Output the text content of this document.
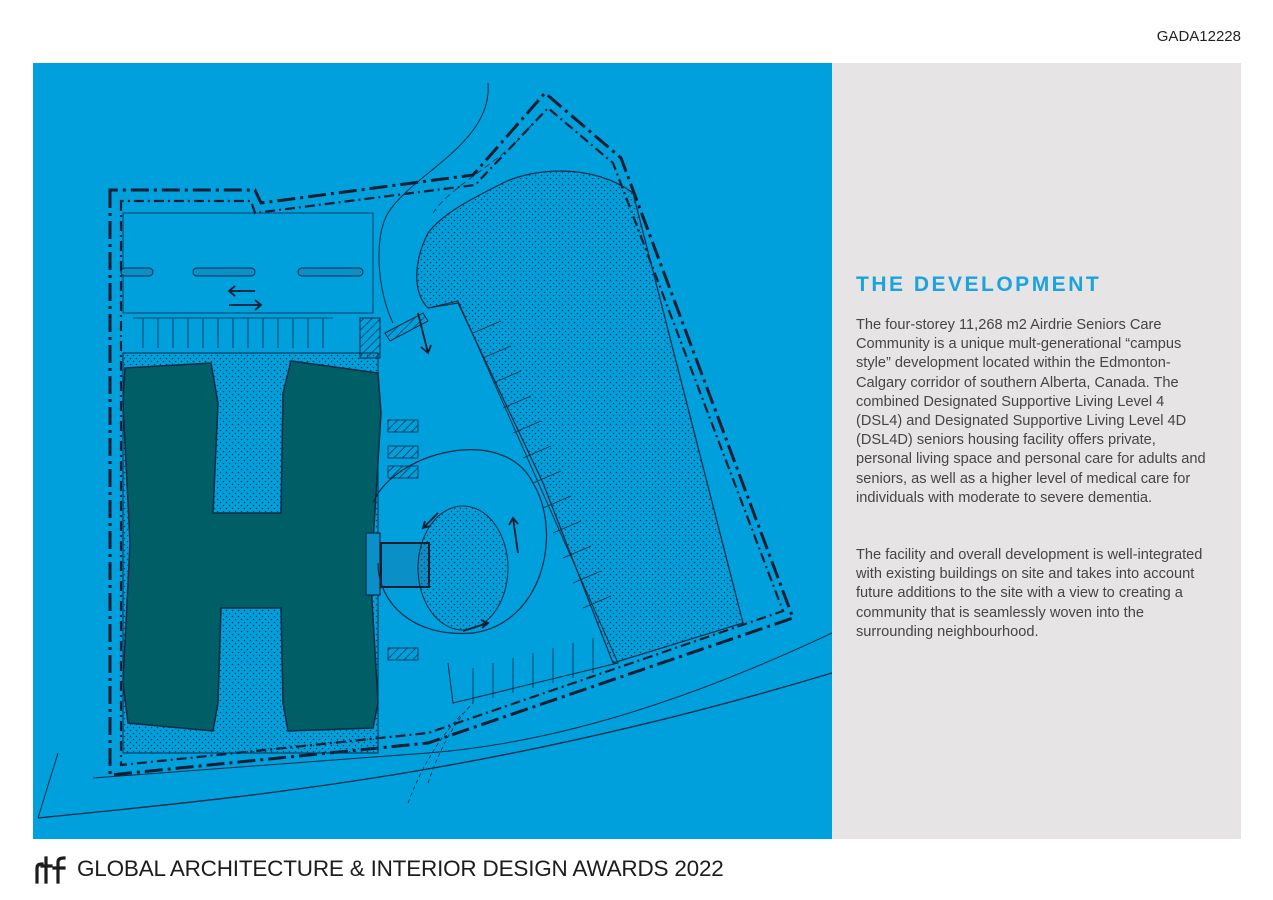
GADA12228
THE DEVELOPMENT

The four-storey 11,268 m2 Airdrie Seniors Care Community is a unique mult-generational “campus style” development located within the Edmonton-Calgary corridor of southern Alberta, Canada. The combined Designated Supportive Living Level 4 (DSL4) and Designated Supportive Living Level 4D (DSL4D) seniors housing facility offers private, personal living space and personal care for adults and seniors, as well as a higher level of medical care for individuals with moderate to severe dementia.

The facility and overall development is well-integrated with existing buildings on site and takes into account future additions to the site with a view to creating a community that is seamlessly woven into the surrounding neighbourhood.

GLOBAL ARCHITECTURE & INTERIOR DESIGN AWARDS 2022
